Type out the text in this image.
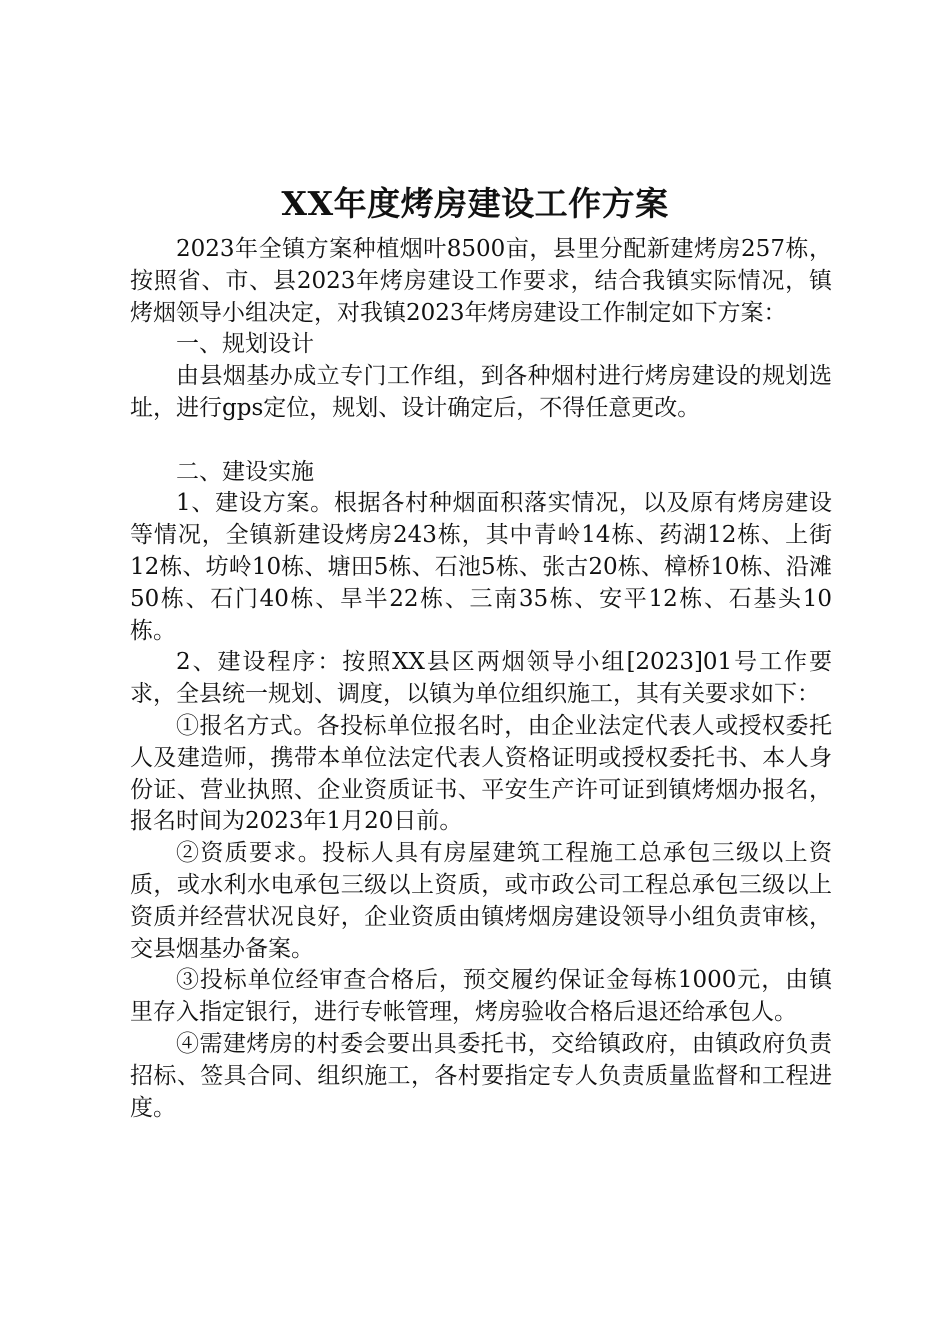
XX年度烤房建设工作方案

2023年全镇方案种植烟叶8500亩，县里分配新建烤房257栋，按照省、市、县2023年烤房建设工作要求，结合我镇实际情况，镇烤烟领导小组决定，对我镇2023年烤房建设工作制定如下方案：

一、规划设计

由县烟基办成立专门工作组，到各种烟村进行烤房建设的规划选址，进行gps定位，规划、设计确定后，不得任意更改。

二、建设实施

1、建设方案。根据各村种烟面积落实情况，以及原有烤房建设等情况，全镇新建设烤房243栋，其中青岭14栋、药湖12栋、上街12栋、坊岭10栋、塘田5栋、石池5栋、张古20栋、樟桥10栋、沿滩50栋、石门40栋、旱半22栋、三南35栋、安平12栋、石基头10栋。

2、建设程序：按照XX县区两烟领导小组[2023]01号工作要求，全县统一规划、调度，以镇为单位组织施工，其有关要求如下：

①报名方式。各投标单位报名时，由企业法定代表人或授权委托人及建造师，携带本单位法定代表人资格证明或授权委托书、本人身份证、营业执照、企业资质证书、平安生产许可证到镇烤烟办报名，报名时间为2023年1月20日前。

②资质要求。投标人具有房屋建筑工程施工总承包三级以上资质，或水利水电承包三级以上资质，或市政公司工程总承包三级以上资质并经营状况良好，企业资质由镇烤烟房建设领导小组负责审核，交县烟基办备案。

③投标单位经审查合格后，预交履约保证金每栋1000元，由镇里存入指定银行，进行专帐管理，烤房验收合格后退还给承包人。

④需建烤房的村委会要出具委托书，交给镇政府，由镇政府负责招标、签具合同、组织施工，各村要指定专人负责质量监督和工程进度。
